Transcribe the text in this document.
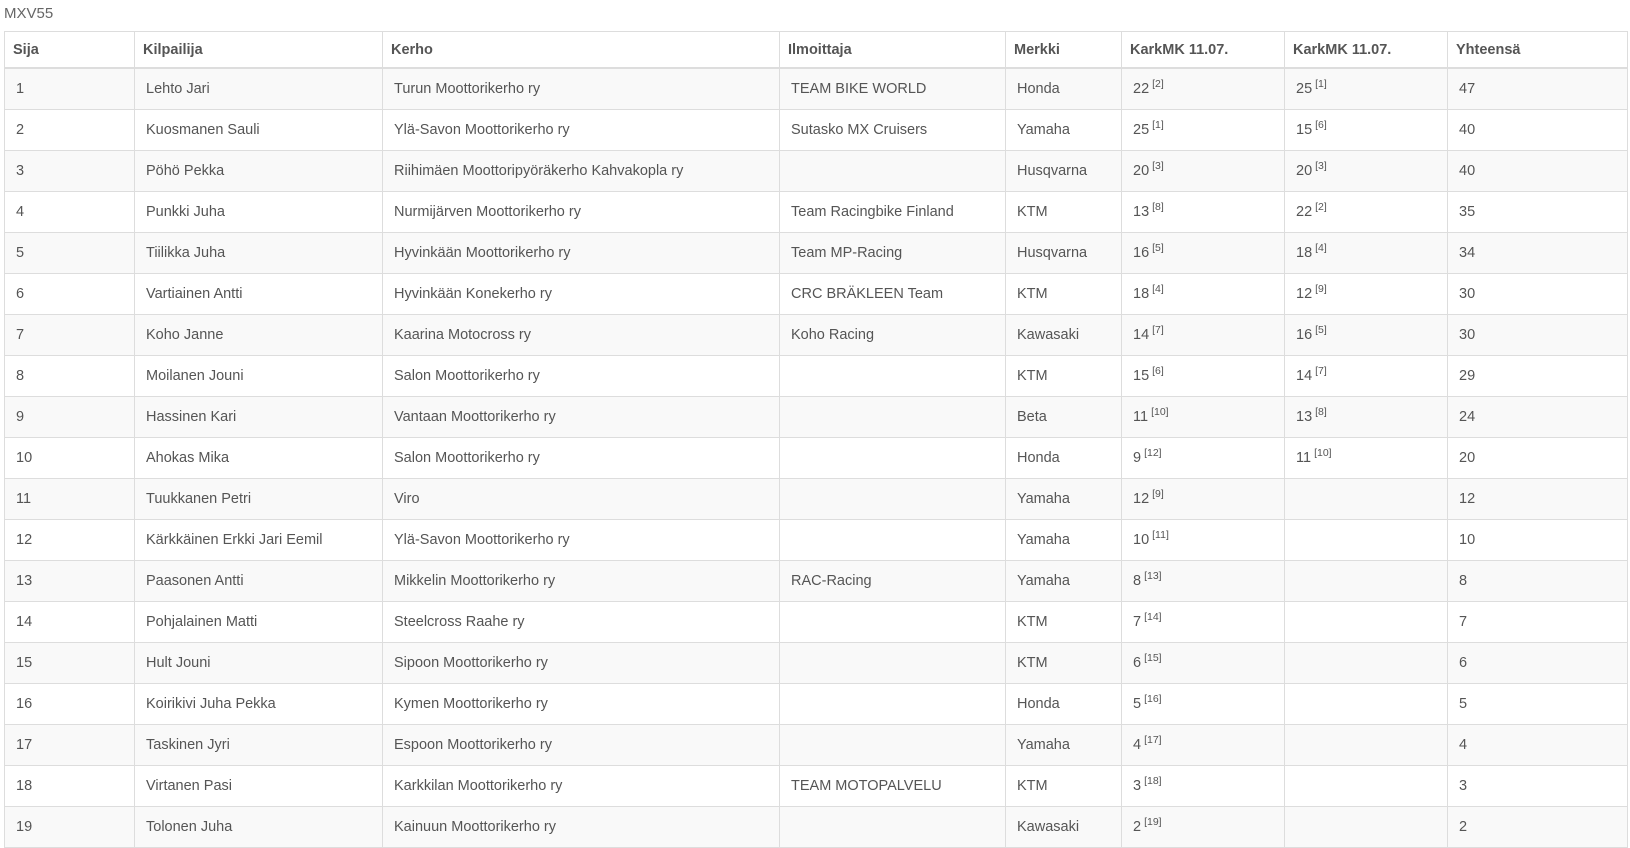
MXV55
Sija	Kilpailija	Kerho	Ilmoittaja	Merkki	KarkMK 11.07.	KarkMK 11.07.	Yhteensä
1	Lehto Jari	Turun Moottorikerho ry	TEAM BIKE WORLD	Honda	22 [2]	25 [1]	47
2	Kuosmanen Sauli	Ylä-Savon Moottorikerho ry	Sutasko MX Cruisers	Yamaha	25 [1]	15 [6]	40
3	Pöhö Pekka	Riihimäen Moottoripyöräkerho Kahvakopla ry		Husqvarna	20 [3]	20 [3]	40
4	Punkki Juha	Nurmijärven Moottorikerho ry	Team Racingbike Finland	KTM	13 [8]	22 [2]	35
5	Tiilikka Juha	Hyvinkään Moottorikerho ry	Team MP-Racing	Husqvarna	16 [5]	18 [4]	34
6	Vartiainen Antti	Hyvinkään Konekerho ry	CRC BRÄKLEEN Team	KTM	18 [4]	12 [9]	30
7	Koho Janne	Kaarina Motocross ry	Koho Racing	Kawasaki	14 [7]	16 [5]	30
8	Moilanen Jouni	Salon Moottorikerho ry		KTM	15 [6]	14 [7]	29
9	Hassinen Kari	Vantaan Moottorikerho ry		Beta	11 [10]	13 [8]	24
10	Ahokas Mika	Salon Moottorikerho ry		Honda	9 [12]	11 [10]	20
11	Tuukkanen Petri	Viro		Yamaha	12 [9]		12
12	Kärkkäinen Erkki Jari Eemil	Ylä-Savon Moottorikerho ry		Yamaha	10 [11]		10
13	Paasonen Antti	Mikkelin Moottorikerho ry	RAC-Racing	Yamaha	8 [13]		8
14	Pohjalainen Matti	Steelcross Raahe ry		KTM	7 [14]		7
15	Hult Jouni	Sipoon Moottorikerho ry		KTM	6 [15]		6
16	Koirikivi Juha Pekka	Kymen Moottorikerho ry		Honda	5 [16]		5
17	Taskinen Jyri	Espoon Moottorikerho ry		Yamaha	4 [17]		4
18	Virtanen Pasi	Karkkilan Moottorikerho ry	TEAM MOTOPALVELU	KTM	3 [18]		3
19	Tolonen Juha	Kainuun Moottorikerho ry		Kawasaki	2 [19]		2
